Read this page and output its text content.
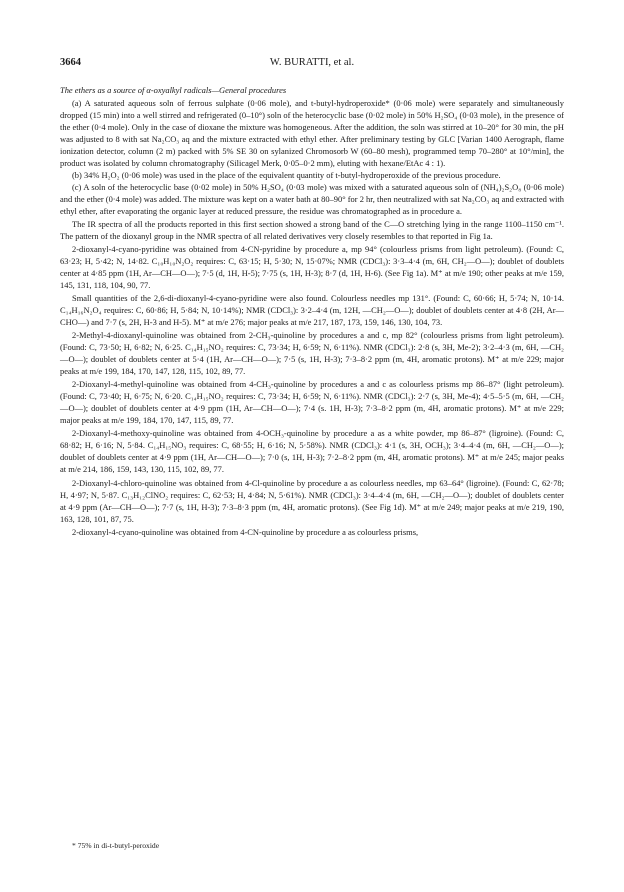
3664	W. BURATTI, et al.

The ethers as a source of α-oxyalkyl radicals—General procedures

(a) A saturated aqueous soln of ferrous sulphate (0·06 mole), and t-butyl-hydroperoxide* (0·06 mole) were separately and simultaneously dropped (15 min) into a well stirred and refrigerated (0–10°) soln of the heterocyclic base (0·02 mole) in 50% H₂SO₄ (0·03 mole), in the presence of the ether (0·4 mole). Only in the case of dioxane the mixture was homogeneous. After the addition, the soln was stirred at 10–20° for 30 min, the pH was adjusted to 8 with sat Na₂CO₃ aq and the mixture extracted with ethyl ether. After preliminary testing by GLC [Varian 1400 Aerograph, flame ionization detector, column (2 m) packed with 5% SE 30 on sylanized Chromosorb W (60–80 mesh), programmed temp 70–280° at 10°/min], the product was isolated by column chromatography (Silicagel Merk, 0·05–0·2 mm), eluting with hexane/EtAc 4 : 1).

(b) 34% H₂O₂ (0·06 mole) was used in the place of the equivalent quantity of t-butyl-hydroperoxide of the previous procedure.

(c) A soln of the heterocyclic base (0·02 mole) in 50% H₂SO₄ (0·03 mole) was mixed with a saturated aqueous soln of (NH₄)₂S₂O₈ (0·06 mole) and the ether (0·4 mole) was added. The mixture was kept on a water bath at 80–90° for 2 hr, then neutralized with sat Na₂CO₃ aq and extracted with ethyl ether, after evaporating the organic layer at reduced pressure, the residue was chromatographed as in procedure a.

The IR spectra of all the products reported in this first section showed a strong band of the C—O stretching lying in the range 1100–1150 cm⁻¹. The pattern of the dioxanyl group in the NMR spectra of all related derivatives very closely resembles to that reported in Fig 1a.

2-dioxanyl-4-cyano-pyridine was obtained from 4-CN-pyridine by procedure a, mp 94° (colourless prisms from light petroleum). (Found: C, 63·23; H, 5·42; N, 14·82. C₁₀H₁₀N₂O₂ requires: C, 63·15; H, 5·30; N, 15·07%; NMR (CDCl₃): 3·3–4·4 (m, 6H, CH₂—O—); doublet of doublets center at 4·85 ppm (1H, Ar—CH—O—); 7·5 (d, 1H, H-5); 7·75 (s, 1H, H-3); 8·7 (d, 1H, H-6). (See Fig 1a). M⁺ at m/e 190; other peaks at m/e 159, 145, 131, 118, 104, 90, 77.

Small quantities of the 2,6-di-dioxanyl-4-cyano-pyridine were also found. Colourless needles mp 131°. (Found: C, 60·66; H, 5·74; N, 10·14. C₁₄H₁₆N₂O₄ requires: C, 60·86; H, 5·84; N, 10·14%); NMR (CDCl₃): 3·2–4·4 (m, 12H, —CH₂—O—); doublet of doublets center at 4·8 (2H, Ar—CHO—) and 7·7 (s, 2H, H-3 and H-5). M⁺ at m/e 276; major peaks at m/e 217, 187, 173, 159, 146, 130, 104, 73.

2-Methyl-4-dioxanyl-quinoline was obtained from 2-CH₃-quinoline by procedures a and c, mp 82° (colourless prisms from light petroleum). (Found: C, 73·50; H, 6·82; N, 6·25. C₁₄H₁₅NO₂ requires: C, 73·34; H, 6·59; N, 6·11%). NMR (CDCl₃): 2·8 (s, 3H, Me-2); 3·2–4·3 (m, 6H, —CH₂—O—); doublet of doublets center at 5·4 (1H, Ar—CH—O—); 7·5 (s, 1H, H-3); 7·3–8·2 ppm (m, 4H, aromatic protons). M⁺ at m/e 229; major peaks at m/e 199, 184, 170, 147, 128, 115, 102, 89, 77.

2-Dioxanyl-4-methyl-quinoline was obtained from 4-CH₃-quinoline by procedures a and c as colourless prisms mp 86–87° (light petroleum). (Found: C, 73·40; H, 6·75; N, 6·20. C₁₄H₁₅NO₂ requires: C, 73·34; H, 6·59; N, 6·11%). NMR (CDCl₃): 2·7 (s, 3H, Me-4); 4·5–5·5 (m, 6H, —CH₂—O—); doublet of doublets center at 4·9 ppm (1H, Ar—CH—O—); 7·4 (s. 1H, H-3); 7·3–8·2 ppm (m, 4H, aromatic protons). M⁺ at m/e 229; major peaks at m/e 199, 184, 170, 147, 115, 89, 77.

2-Dioxanyl-4-methoxy-quinoline was obtained from 4-OCH₃-quinoline by procedure a as a white powder, mp 86–87° (ligroine). (Found: C, 68·82; H, 6·16; N, 5·84. C₁₄H₁₅NO₃ requires: C, 68·55; H, 6·16; N, 5·58%). NMR (CDCl₃): 4·1 (s, 3H, OCH₃); 3·4–4·4 (m, 6H, —CH₂—O—); doublet of doublets center at 4·9 ppm (1H, Ar—CH—O—); 7·0 (s, 1H, H-3); 7·2–8·2 ppm (m, 4H, aromatic protons). M⁺ at m/e 245; major peaks at m/e 214, 186, 159, 143, 130, 115, 102, 89, 77.

2-Dioxanyl-4-chloro-quinoline was obtained from 4-Cl-quinoline by procedure a as colourless needles, mp 63–64° (ligroine). (Found: C, 62·78; H, 4·97; N, 5·87. C₁₃H₁₂ClNO₂ requires: C, 62·53; H, 4·84; N, 5·61%). NMR (CDCl₃): 3·4–4·4 (m, 6H, —CH₂—O—); doublet of doublets center at 4·9 ppm (Ar—CH—O—); 7·7 (s, 1H, H-3); 7·3–8·3 ppm (m, 4H, aromatic protons). (See Fig 1d). M⁺ at m/e 249; major peaks at m/e 219, 190, 163, 128, 101, 87, 75.

2-dioxanyl-4-cyano-quinoline was obtained from 4-CN-quinoline by procedure a as colourless prisms,

* 75% in di-t-butyl-peroxide
